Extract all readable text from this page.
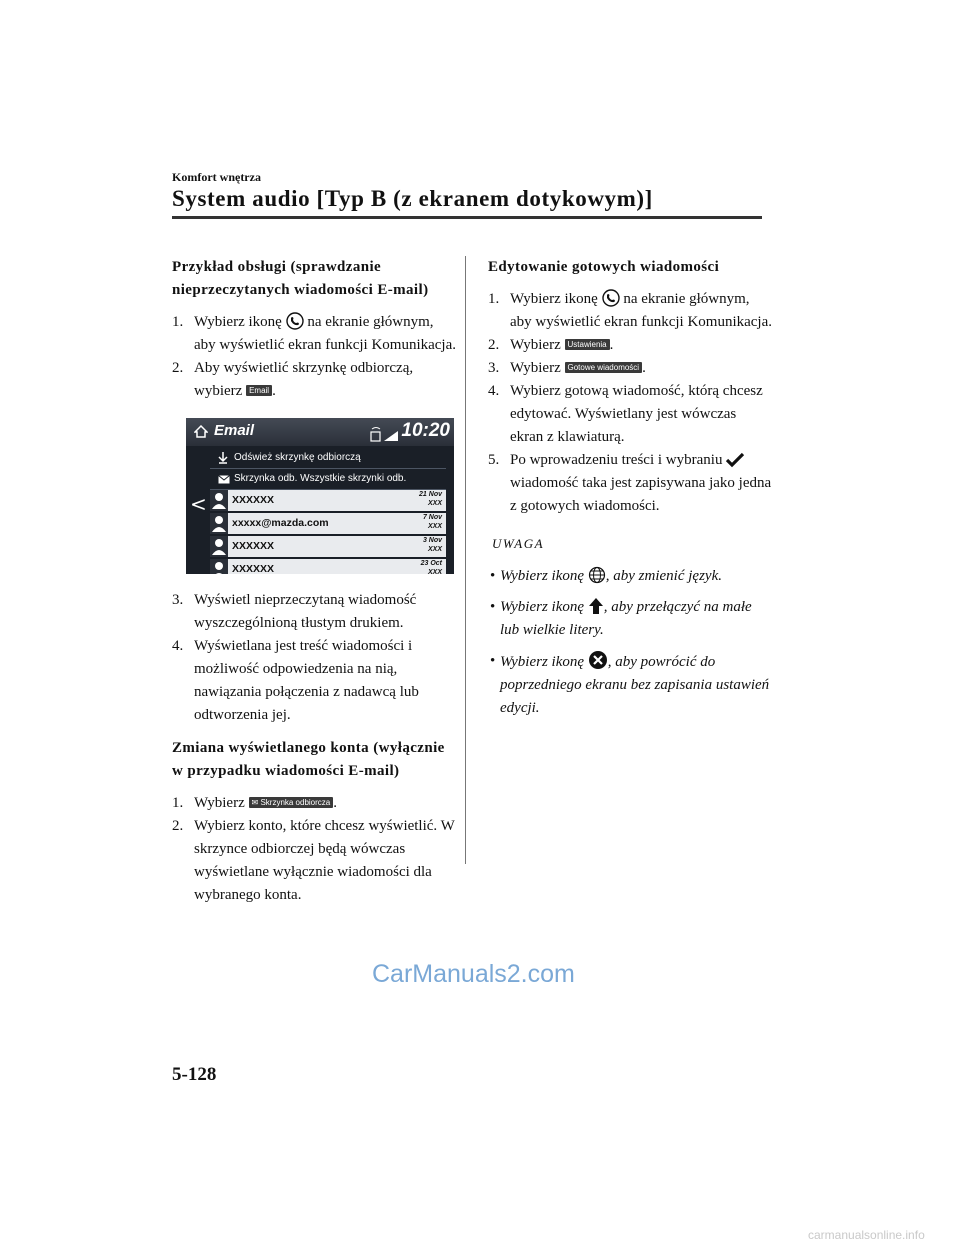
Komfort wnętrza
System audio [Typ B (z ekranem dotykowym)]

Przykład obsługi (sprawdzanie nieprzeczytanych wiadomości E-mail)

1. Wybierz ikonę na ekranie głównym,
aby wyświetlić ekran funkcji Komunikacja.

2. Aby wyświetlić skrzynkę odbiorczą,
wybierz Email .

3. Wyświetl nieprzeczytaną wiadomość wyszczególnioną tłustym drukiem.

4. Wyświetlana jest treść wiadomości i możliwość odpowiedzenia na nią, nawiązania połączenia z nadawcą lub odtworzenia jej.

Zmiana wyświetlanego konta (wyłącznie w przypadku wiadomości E-mail)

1. Wybierz ✉ Skrzynka odbiorcza .

2. Wybierz konto, które chcesz wyświetlić. W skrzynce odbiorczej będą wówczas wyświetlane wyłącznie wiadomości dla wybranego konta.

Email	10:20
<
Odśwież skrzynkę odbiorczą
Skrzynka odb. Wszystkie skrzynki odb.
XXXXXX	21 Nov
XXX
xxxxx@mazda.com	7 Nov
XXX
XXXXXX	3 Nov
XXX
XXXXXX	23 Oct
XXX

Edytowanie gotowych wiadomości

1. Wybierz ikonę na ekranie głównym,
aby wyświetlić ekran funkcji Komunikacja.

2. Wybierz Ustawienia .

3. Wybierz Gotowe wiadomości .

4. Wybierz gotową wiadomość, którą chcesz edytować. Wyświetlany jest wówczas ekran z klawiaturą.

5. Po wprowadzeniu treści i wybraniu
wiadomość taka jest zapisywana jako jedna z gotowych wiadomości.

UWAGA
• Wybierz ikonę , aby zmienić język.
• Wybierz ikonę , aby przełączyć na małe lub wielkie litery.
• Wybierz ikonę , aby powrócić do poprzedniego ekranu bez zapisania ustawień edycji.
CarManuals2.com
5-128
carmanualsonline.info
